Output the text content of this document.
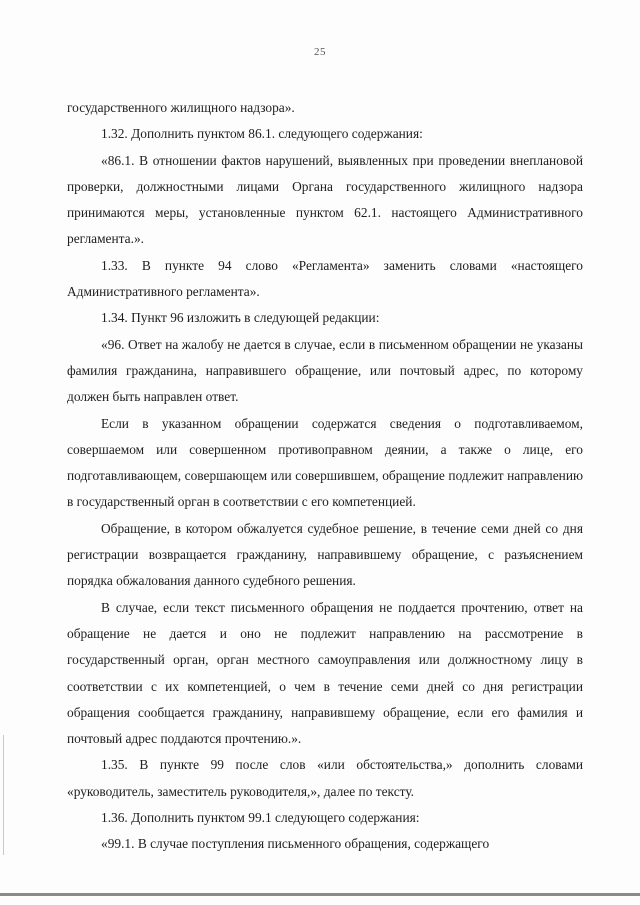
25

государственного жилищного надзора».

1.32. Дополнить пунктом 86.1. следующего содержания:

«86.1. В отношении фактов нарушений, выявленных при проведении внеплановой проверки, должностными лицами Органа государственного жилищного надзора принимаются меры, установленные пунктом 62.1. настоящего Административного регламента.».

1.33. В пункте 94 слово «Регламента» заменить словами «настоящего Административного регламента».

1.34. Пункт 96 изложить в следующей редакции:

«96. Ответ на жалобу не дается в случае, если в письменном обращении не указаны фамилия гражданина, направившего обращение, или почтовый адрес, по которому должен быть направлен ответ.

Если в указанном обращении содержатся сведения о подготавливаемом, совершаемом или совершенном противоправном деянии, а также о лице, его подготавливающем, совершающем или совершившем, обращение подлежит направлению в государственный орган в соответствии с его компетенцией.

Обращение, в котором обжалуется судебное решение, в течение семи дней со дня регистрации возвращается гражданину, направившему обращение, с разъяснением порядка обжалования данного судебного решения.

В случае, если текст письменного обращения не поддается прочтению, ответ на обращение не дается и оно не подлежит направлению на рассмотрение в государственный орган, орган местного самоуправления или должностному лицу в соответствии с их компетенцией, о чем в течение семи дней со дня регистрации обращения сообщается гражданину, направившему обращение, если его фамилия и почтовый адрес поддаются прочтению.».

1.35. В пункте 99 после слов «или обстоятельства,» дополнить словами «руководитель, заместитель руководителя,», далее по тексту.

1.36. Дополнить пунктом 99.1 следующего содержания:

«99.1. В случае поступления письменного обращения, содержащего
